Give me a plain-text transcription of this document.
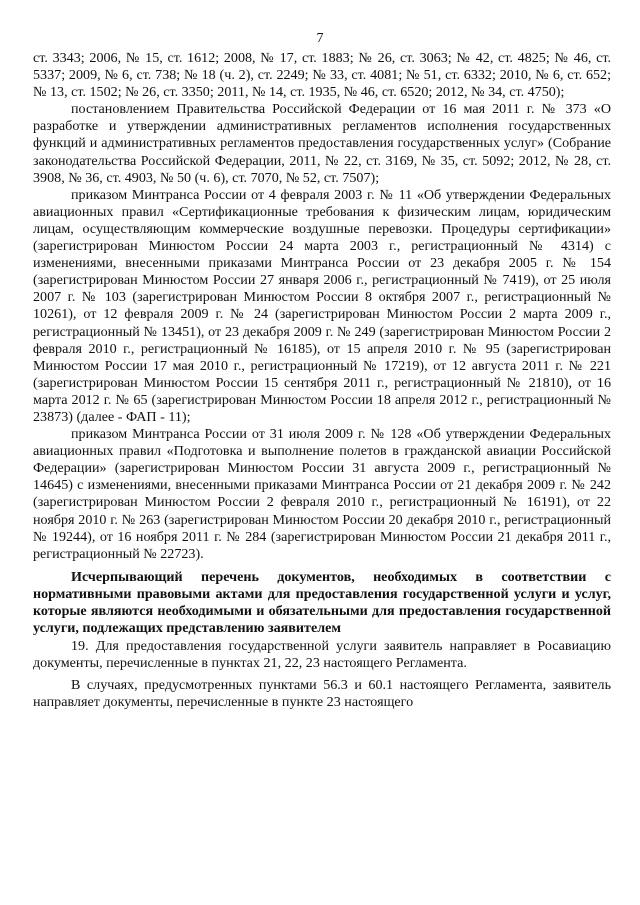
7

ст. 3343; 2006, № 15, ст. 1612; 2008, № 17, ст. 1883; № 26, ст. 3063; № 42, ст. 4825; № 46, ст. 5337; 2009, № 6, ст. 738; № 18 (ч. 2), ст. 2249; № 33, ст. 4081; № 51, ст. 6332; 2010, № 6, ст. 652; № 13, ст. 1502; № 26, ст. 3350; 2011, № 14, ст. 1935, № 46, ст. 6520; 2012, № 34, ст. 4750);

постановлением Правительства Российской Федерации от 16 мая 2011 г. № 373 «О разработке и утверждении административных регламентов исполнения государственных функций и административных регламентов предоставления государственных услуг» (Собрание законодательства Российской Федерации, 2011, № 22, ст. 3169, № 35, ст. 5092; 2012, № 28, ст. 3908, № 36, ст. 4903, № 50 (ч. 6), ст. 7070, № 52, ст. 7507);

приказом Минтранса России от 4 февраля 2003 г. № 11 «Об утверждении Федеральных авиационных правил «Сертификационные требования к физическим лицам, юридическим лицам, осуществляющим коммерческие воздушные перевозки. Процедуры сертификации» (зарегистрирован Минюстом России 24 марта 2003 г., регистрационный № 4314) с изменениями, внесенными приказами Минтранса России от 23 декабря 2005 г. № 154 (зарегистрирован Минюстом России 27 января 2006 г., регистрационный № 7419), от 25 июля 2007 г. № 103 (зарегистрирован Минюстом России 8 октября 2007 г., регистрационный № 10261), от 12 февраля 2009 г. № 24 (зарегистрирован Минюстом России 2 марта 2009 г., регистрационный № 13451), от 23 декабря 2009 г. № 249 (зарегистрирован Минюстом России 2 февраля 2010 г., регистрационный № 16185), от 15 апреля 2010 г. № 95 (зарегистрирован Минюстом России 17 мая 2010 г., регистрационный № 17219), от 12 августа 2011 г. № 221 (зарегистрирован Минюстом России 15 сентября 2011 г., регистрационный № 21810), от 16 марта 2012 г. № 65 (зарегистрирован Минюстом России 18 апреля 2012 г., регистрационный № 23873) (далее - ФАП - 11);

приказом Минтранса России от 31 июля 2009 г. № 128 «Об утверждении Федеральных авиационных правил «Подготовка и выполнение полетов в гражданской авиации Российской Федерации» (зарегистрирован Минюстом России 31 августа 2009 г., регистрационный № 14645) с изменениями, внесенными приказами Минтранса России от 21 декабря 2009 г. № 242 (зарегистрирован Минюстом России 2 февраля 2010 г., регистрационный № 16191), от 22 ноября 2010 г. № 263 (зарегистрирован Минюстом России 20 декабря 2010 г., регистрационный № 19244), от 16 ноября 2011 г. № 284 (зарегистрирован Минюстом России 21 декабря 2011 г., регистрационный № 22723).

Исчерпывающий перечень документов, необходимых в соответствии с нормативными правовыми актами для предоставления государственной услуги и услуг, которые являются необходимыми и обязательными для предоставления государственной услуги, подлежащих представлению заявителем

19. Для предоставления государственной услуги заявитель направляет в Росавиацию документы, перечисленные в пунктах 21, 22, 23 настоящего Регламента.

В случаях, предусмотренных пунктами 56.3 и 60.1 настоящего Регламента, заявитель направляет документы, перечисленные в пункте 23 настоящего
